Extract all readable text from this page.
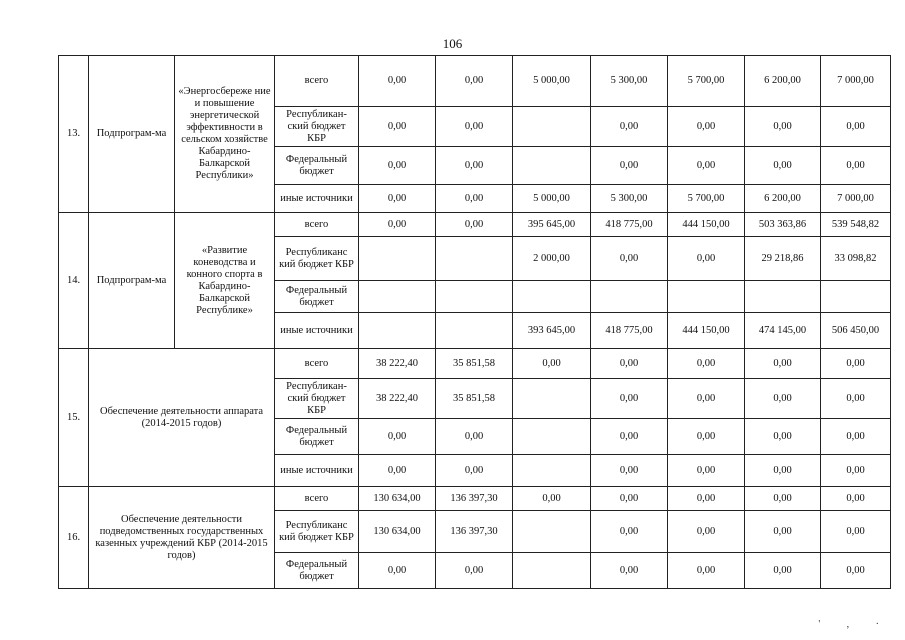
106
13.	Подпрограм-ма	«Энергосбереже ние и повышение энергетической эффективности в сельском хозяйстве Кабардино-Балкарской Республики»	всего	0,00	0,00	5 000,00	5 300,00	5 700,00	6 200,00	7 000,00
			Республикан-ский бюджет КБР	0,00	0,00		0,00	0,00	0,00	0,00
			Федеральный бюджет	0,00	0,00		0,00	0,00	0,00	0,00
			иные источники	0,00	0,00	5 000,00	5 300,00	5 700,00	6 200,00	7 000,00
14.	Подпрограм-ма	«Развитие коневодства и конного спорта в Кабардино-Балкарской Республике»	всего	0,00	0,00	395 645,00	418 775,00	444 150,00	503 363,86	539 548,82
			Республиканс кий бюджет КБР			2 000,00	0,00	0,00	29 218,86	33 098,82
			Федеральный бюджет							
			иные источники			393 645,00	418 775,00	444 150,00	474 145,00	506 450,00
15.	Обеспечение деятельности аппарата (2014-2015 годов)		всего	38 222,40	35 851,58	0,00	0,00	0,00	0,00	0,00
			Республикан-ский бюджет КБР	38 222,40	35 851,58		0,00	0,00	0,00	0,00
			Федеральный бюджет	0,00	0,00		0,00	0,00	0,00	0,00
			иные источники	0,00	0,00		0,00	0,00	0,00	0,00
16.	Обеспечение деятельности подведомственных государственных казенных учреждений КБР (2014-2015 годов)		всего	130 634,00	136 397,30	0,00	0,00	0,00	0,00	0,00
			Республиканс кий бюджет КБР	130 634,00	136 397,30		0,00	0,00	0,00	0,00
			Федеральный бюджет	0,00	0,00		0,00	0,00	0,00	0,00
' , ·
